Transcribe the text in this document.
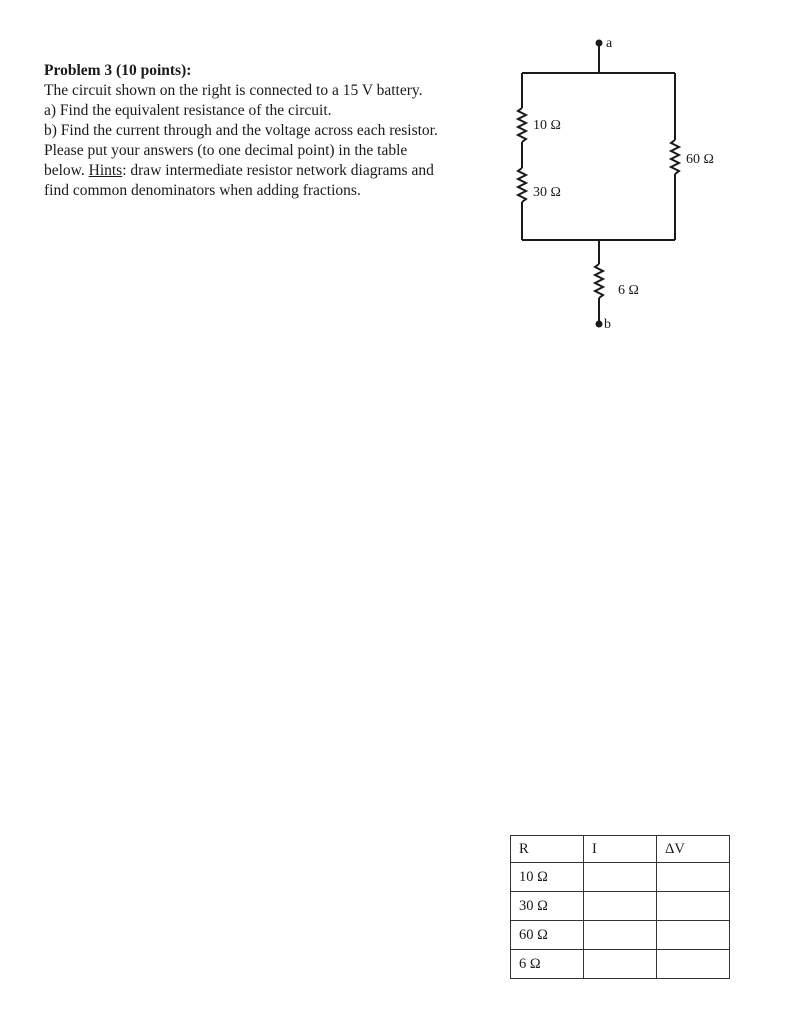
Problem 3 (10 points):

The circuit shown on the right is connected to a 15 V battery.

a) Find the equivalent resistance of the circuit.

b) Find the current through and the voltage across each resistor.

Please put your answers (to one decimal point) in the table

below. Hints: draw intermediate resistor network diagrams and

find common denominators when adding fractions.

a
b
10 Ω
30 Ω
60 Ω
6 Ω
R	I	ΔV
10 Ω		
30 Ω		
60 Ω		
6 Ω		
